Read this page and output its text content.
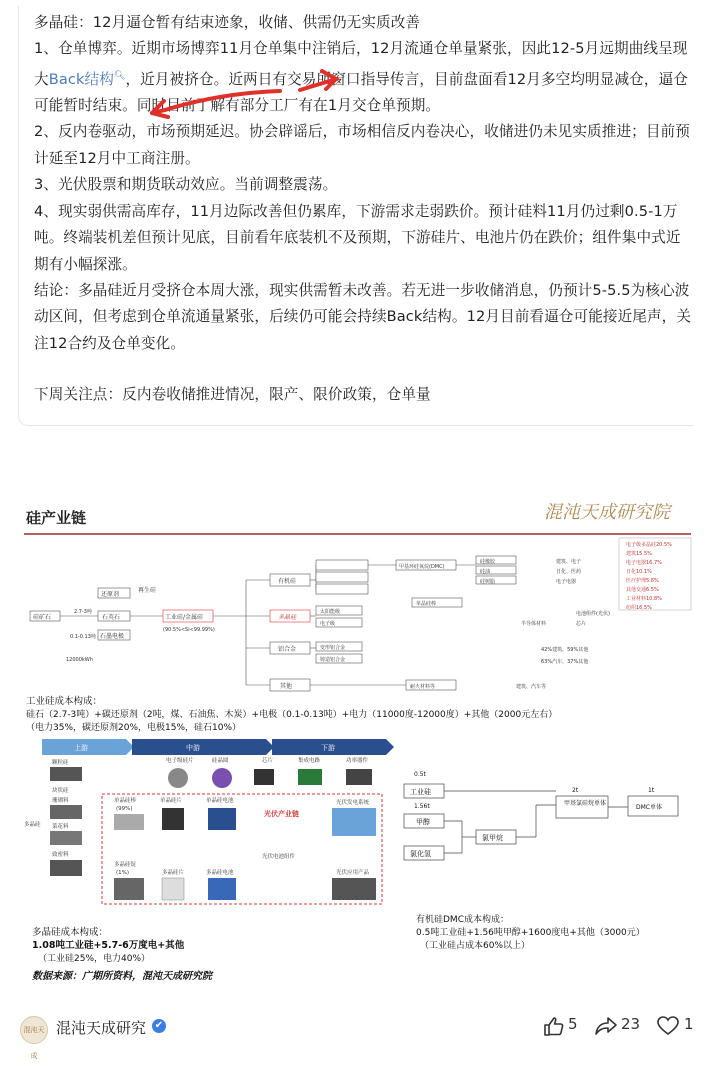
多晶硅：12月逼仓暂有结束迹象，收储、供需仍无实质改善

1、仓单博弈。近期市场博弈11月仓单集中注销后，12月流通仓单量紧张，因此12-5月远期曲线呈现大Back结构🔍︎，近月被挤仓。近两日有交易所窗口指导传言，目前盘面看12月多空均明显减仓，逼仓可能暂时结束。同时目前了解有部分工厂有在1月交仓单预期。

2、反内卷驱动，市场预期延迟。协会辟谣后，市场相信反内卷决心，收储进仍未见实质推进；目前预计延至12月中工商注册。

3、光伏股票和期货联动效应。当前调整震荡。

4、现实弱供需高库存，11月边际改善但仍累库，下游需求走弱跌价。预计硅料11月仍过剩0.5-1万吨。终端装机差但预计见底，目前看年底装机不及预期，下游硅片、电池片仍在跌价；组件集中式近期有小幅探涨。

结论：多晶硅近月受挤仓本周大涨，现实供需暂未改善。若无进一步收储消息，仍预计5-5.5为核心波动区间，但考虑到仓单流通量紧张，后续仍可能会持续Back结构。12月目前看逼仓可能接近尾声，关注12合约及仓单变化。

下周关注点：反内卷收储推进情况，限产、限价政策，仓单量

硅产业链	混沌天成研究院
电子级多晶硅20.5%
建筑15.5%
电子电器16.7%
日化10.1%
医疗护理5.8%
其他交通6.5%
工业材料10.8%
纺织16.5%
硅矿石
2.7-3吨
石英石
还原剂
石墨电极
0.1-0.13吨
12000kWh
再生硅
工业硅/金属硅
(90.5%<Si<99.99%)
有机硅
多晶硅
铝合金
其他
甲基环硅氧烷(DMC)
硅橡胶
硅油
硅树脂
建筑、电子
日化、医药
电子电器
太阳能级
电子级
单晶硅棒
电池组件(光伏)
半导体材料	芯片
变形铝合金
铸造铝合金
42%建筑，59%其他
63%汽车，37%其他
耐火材料等	建筑、汽车等
工业硅成本构成：
硅石（2.7-3吨）+碳还原剂（2吨，煤、石油焦、木炭）+电极（0.1-0.13吨）+电力（11000度-12000度）+其他（2000元左右）
（电力35%，碳还原剂20%，电极15%，硅石10%）
上游	中游	下游
多晶硅
颗粒硅
块状硅
珊瑚料
菜花料
致密料
电子级硅片	硅晶圆	芯片	集成电路	功率器件
单晶硅棒
(99%)
单晶硅片	单晶硅电池
光伏产业链
光伏电池组件
光伏发电系统
光伏应用产品
多晶硅锭
(1%)	多晶硅片	多晶硅电池
0.5t
工业硅
1.56t
甲醇
氯化氢
氯甲烷
2t
甲基氯硅烷单体
1t
DMC单体
多晶硅成本构成：
1.08吨工业硅+5.7-6万度电+其他
（工业硅25%，电力40%）
有机硅DMC成本构成：
0.5吨工业硅+1.56吨甲醇+1600度电+其他（3000元）
（工业硅占成本60%以上）
数据来源：广期所资料，混沌天成研究院
混沌天成
混沌天成研究 ✔	5	23	1
